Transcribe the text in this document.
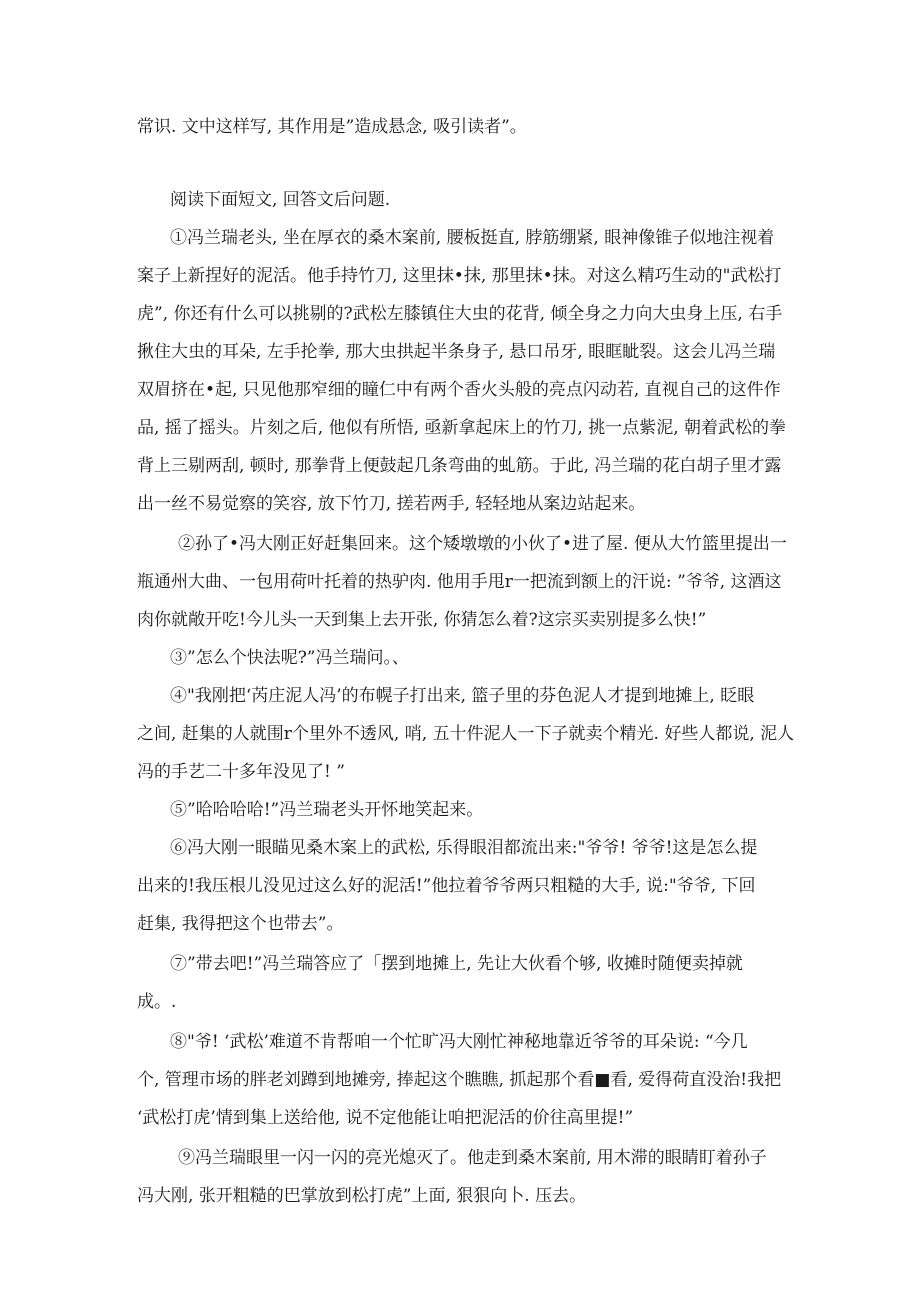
常识. 文中这样写, 其作用是”造成悬念, 吸引读者”。

阅读下面短文, 回答文后问题.

①冯兰瑞老头, 坐在厚衣的桑木案前, 腰板挺直, 脖筋绷紧, 眼神像锥子似地注视着

案子上新捏好的泥活。他手持竹刀, 这里抹•抹, 那里抹•抹。对这么精巧生动的"武松打

虎”, 你还有什么可以挑剔的?武松左膝镇住大虫的花背, 倾全身之力向大虫身上压, 右手

揪住大虫的耳朵, 左手抡拳, 那大虫拱起半条身子, 悬口吊牙, 眼眶眦裂。这会儿冯兰瑞

双眉挤在•起, 只见他那窄细的瞳仁中有两个香火头般的亮点闪动若, 直视自己的这件作

品, 摇了摇头。片刻之后, 他似有所悟, 亟新拿起床上的竹刀, 挑一点紫泥, 朝着武松的拳

背上三剔两刮, 顿时, 那拳背上便鼓起几条弯曲的虬筋。于此, 冯兰瑞的花白胡子里才露

出一丝不易觉察的笑容, 放下竹刀, 搓若两手, 轻轻地从案边站起来。

②孙了•冯大刚正好赶集回来。这个矮墩墩的小伙了•进了屋. 便从大竹篮里提出一

瓶通州大曲、一包用荷叶托着的热驴肉. 他用手甩r一把流到额上的汗说: ”爷爷, 这酒这

肉你就敞开吃!今儿头一天到集上去开张, 你猜怎么着?这宗买卖别提多么快!”

③”怎么个快法呢?”冯兰瑞问。、

④"我刚把‘芮庄泥人冯’的布幌子打出来, 篮子里的芬色泥人才提到地摊上, 眨眼

之间, 赶集的人就围r个里外不透风, 哨, 五十件泥人一下子就卖个精光. 好些人都说, 泥人

冯的手艺二十多年没见了! ”

⑤”哈哈哈哈!”冯兰瑞老头开怀地笑起来。

⑥冯大刚一眼瞄见桑木案上的武松, 乐得眼泪都流出来:"爷爷! 爷爷!这是怎么提

出来的!我压根儿没见过这么好的泥活!”他拉着爷爷两只粗糙的大手, 说:"爷爷, 下回

赶集, 我得把这个也带去”。

⑦”带去吧!”冯兰瑞答应了「摆到地摊上, 先让大伙看个够, 收摊时随便卖掉就

成。.

⑧"爷! ‘武松’难道不肯帮咱一个忙旷冯大刚忙神秘地靠近爷爷的耳朵说: “今几

个, 管理市场的胖老刘蹲到地摊旁, 捧起这个瞧瞧, 抓起那个看■看, 爱得荷直没治!我把

‘武松打虎’情到集上送给他, 说不定他能让咱把泥活的价往高里提!”

⑨冯兰瑞眼里一闪一闪的亮光熄灭了。他走到桑木案前, 用木滞的眼睛盯着孙子

冯大刚, 张开粗糙的巴掌放到松打虎”上面, 狠狠向卜. 压去。
